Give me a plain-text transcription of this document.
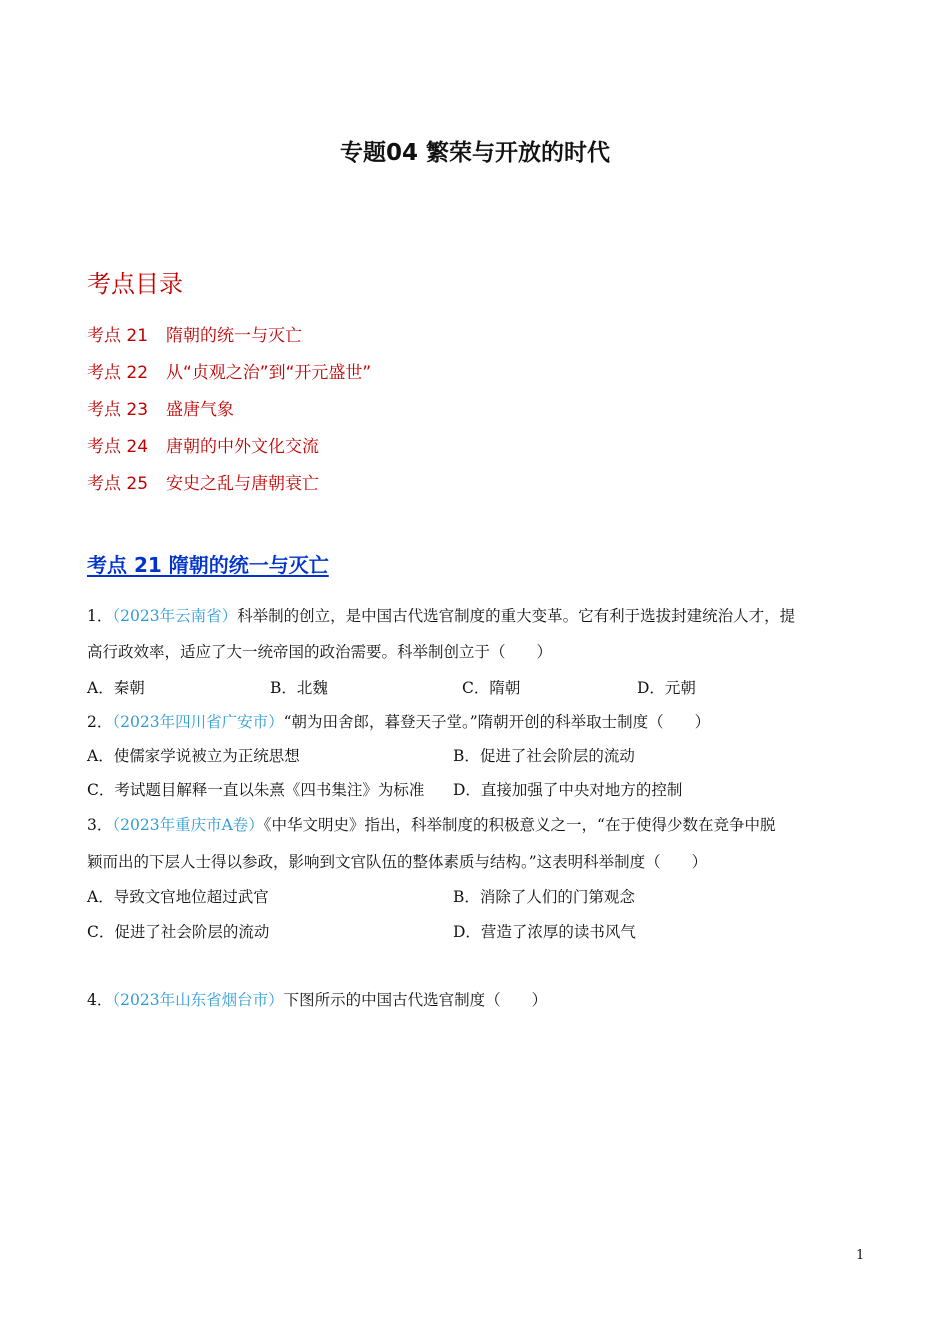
专题04 繁荣与开放的时代
考点目录
考点 21 隋朝的统一与灭亡
考点 22 从“贞观之治”到“开元盛世”
考点 23 盛唐气象
考点 24 唐朝的中外文化交流
考点 25 安史之乱与唐朝衰亡
考点 21 隋朝的统一与灭亡
1．（2023年云南省）科举制的创立，是中国古代选官制度的重大变革。它有利于选拔封建统治人才，提
高行政效率，适应了大一统帝国的政治需要。科举制创立于（　　）
A．秦朝	B．北魏	C．隋朝	D．元朝
2．（2023年四川省广安市）“朝为田舍郎，暮登天子堂。”隋朝开创的科举取士制度（　　）
A．使儒家学说被立为正统思想	B．促进了社会阶层的流动
C．考试题目解释一直以朱熹《四书集注》为标准 D．直接加强了中央对地方的控制
3．（2023年重庆市A卷）《中华文明史》指出，科举制度的积极意义之一，“在于使得少数在竞争中脱
颖而出的下层人士得以参政，影响到文官队伍的整体素质与结构。”这表明科举制度（　　）
A．导致文官地位超过武官	B．消除了人们的门第观念
C．促进了社会阶层的流动	D．营造了浓厚的读书风气
4．（2023年山东省烟台市）下图所示的中国古代选官制度（　　）
1
